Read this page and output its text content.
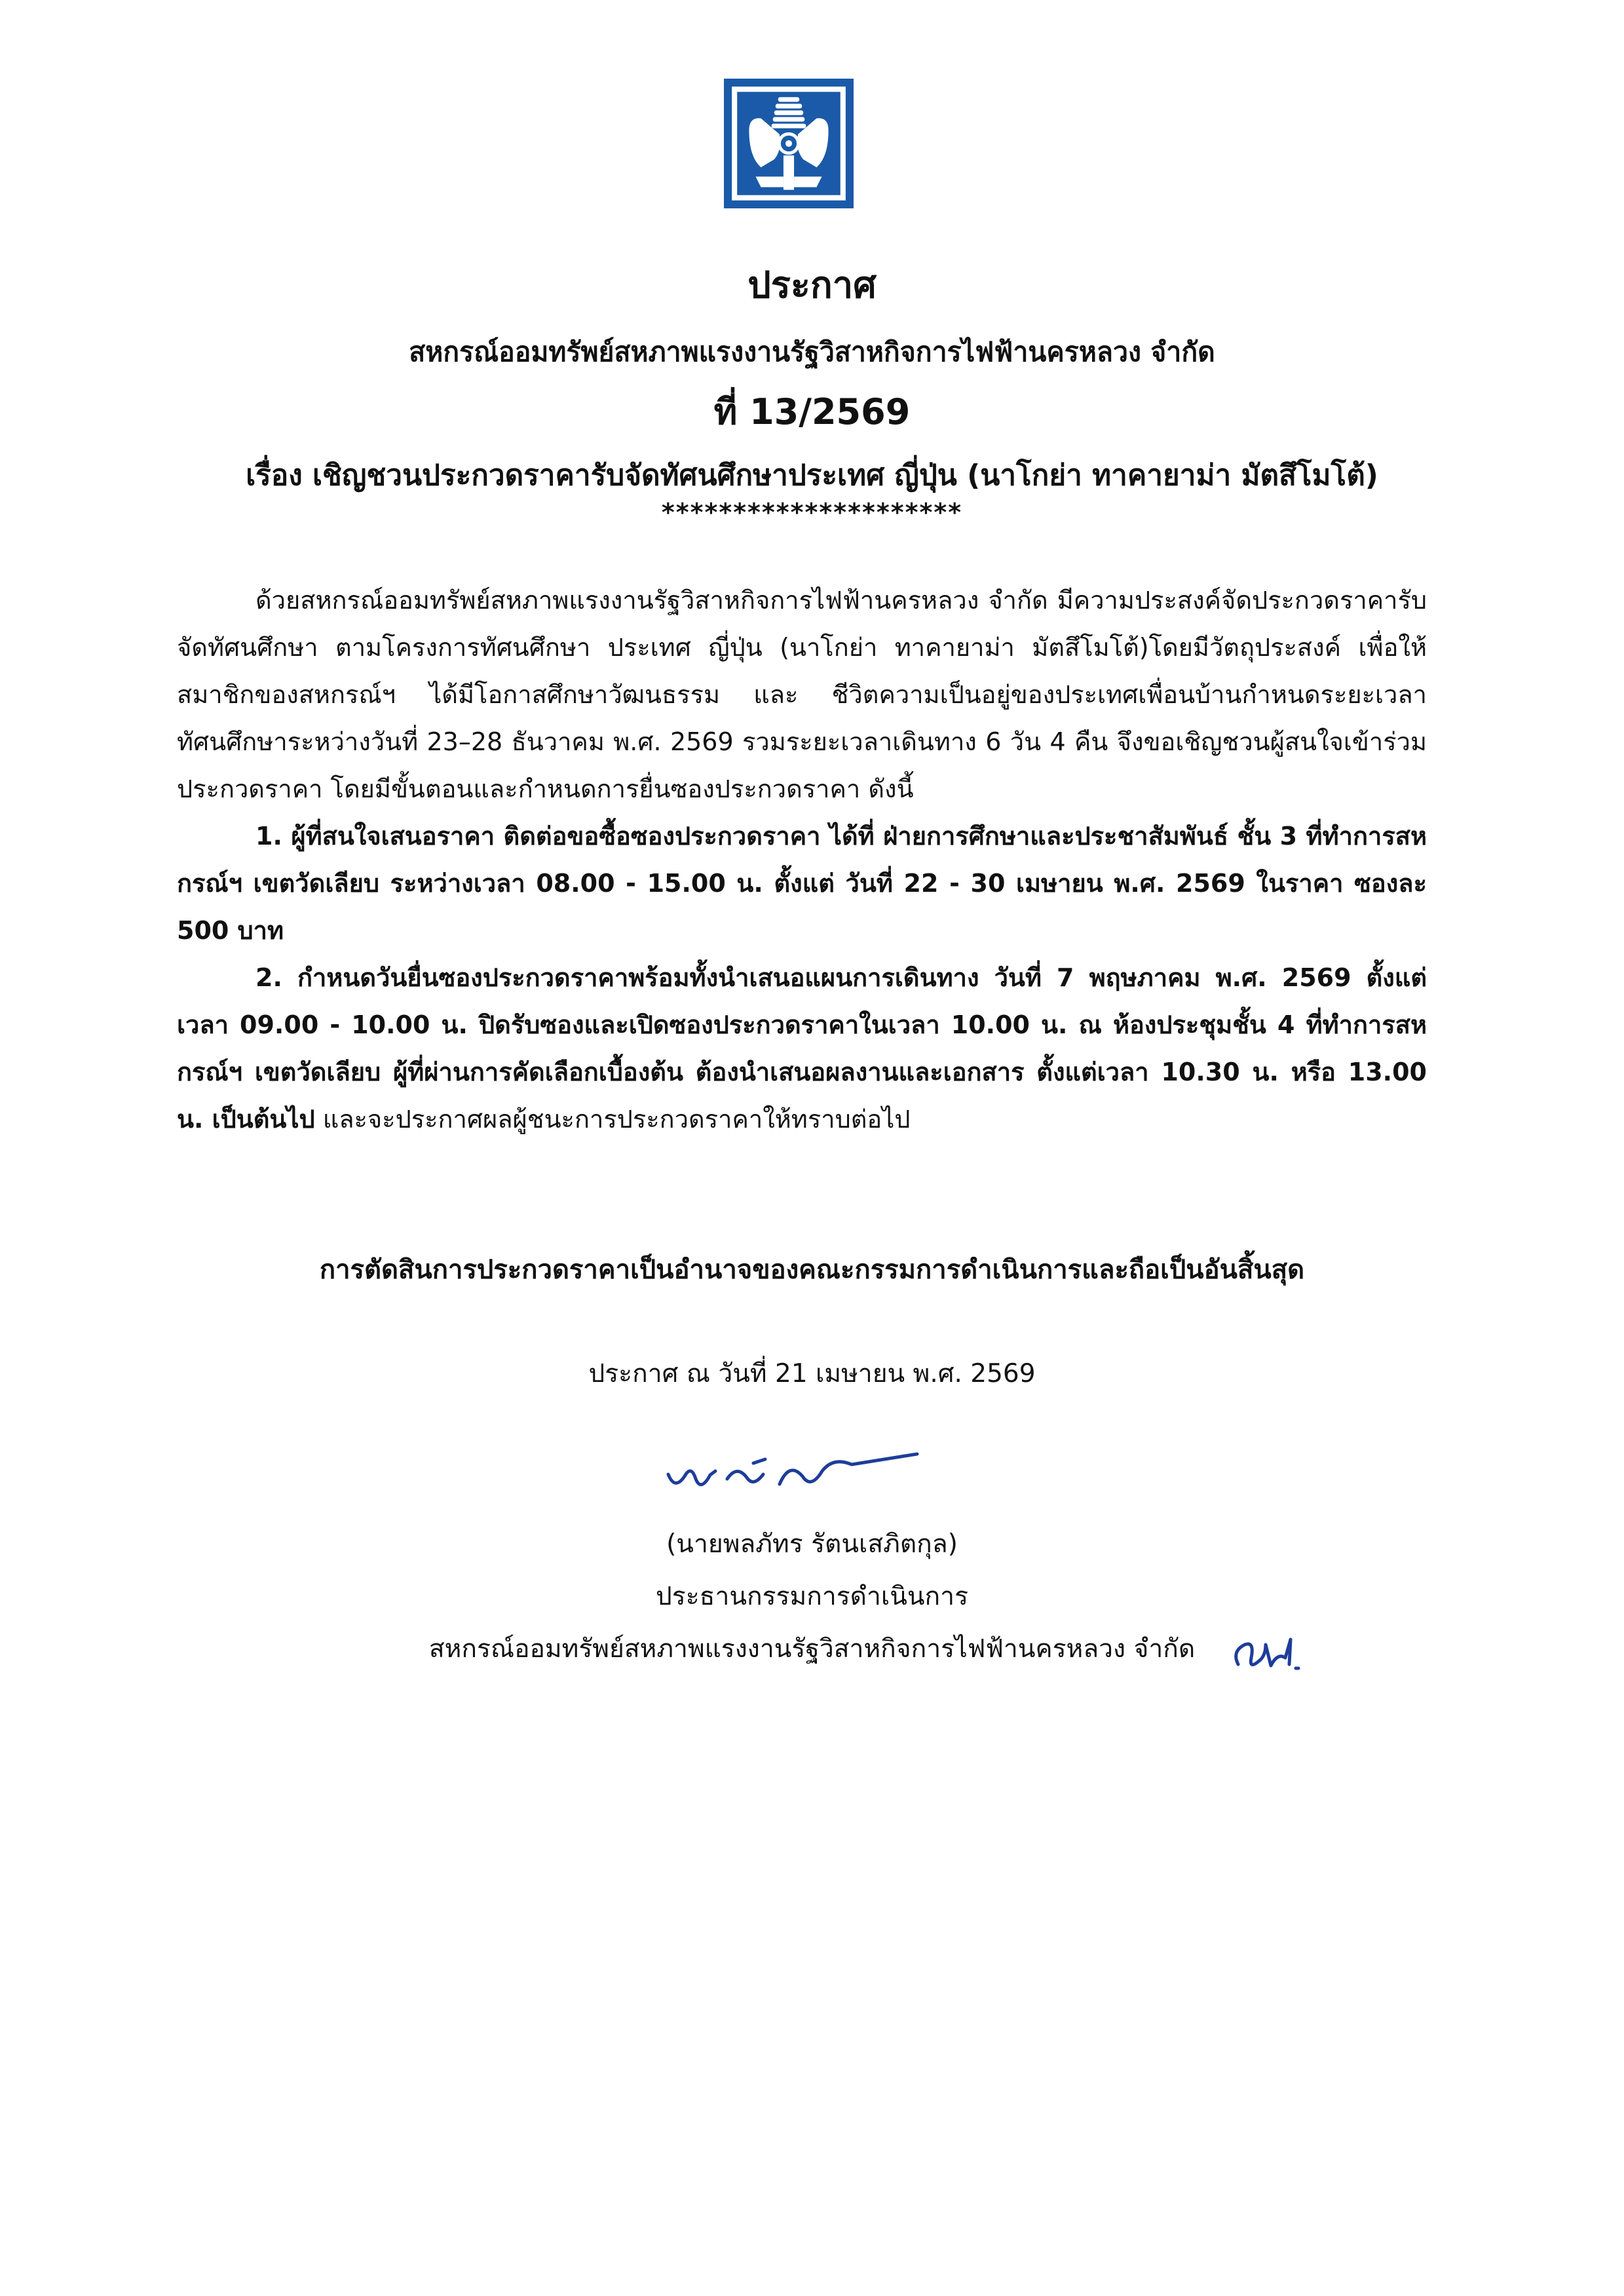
ประกาศ
สหกรณ์ออมทรัพย์สหภาพแรงงานรัฐวิสาหกิจการไฟฟ้านครหลวง จำกัด
ที่ 13/2569
เรื่อง เชิญชวนประกวดราคารับจัดทัศนศึกษาประเทศ ญี่ปุ่น (นาโกย่า ทาคายาม่า มัตสึโมโต้)
*********************

ด้วยสหกรณ์ออมทรัพย์สหภาพแรงงานรัฐวิสาหกิจการไฟฟ้านครหลวง จำกัด มีความประสงค์จัดประกวดราคารับจัดทัศนศึกษา ตามโครงการทัศนศึกษา ประเทศ ญี่ปุ่น (นาโกย่า ทาคายาม่า มัตสึโมโต้)โดยมีวัตถุประสงค์ เพื่อให้สมาชิกของสหกรณ์ฯ ได้มีโอกาสศึกษาวัฒนธรรม และ ชีวิตความเป็นอยู่ของประเทศเพื่อนบ้านกำหนดระยะเวลาทัศนศึกษาระหว่างวันที่ 23–28 ธันวาคม พ.ศ. 2569 รวมระยะเวลาเดินทาง 6 วัน 4 คืน จึงขอเชิญชวนผู้สนใจเข้าร่วมประกวดราคา โดยมีขั้นตอนและกำหนดการยื่นซองประกวดราคา ดังนี้

1. ผู้ที่สนใจเสนอราคา ติดต่อขอซื้อซองประกวดราคา ได้ที่ ฝ่ายการศึกษาและประชาสัมพันธ์ ชั้น 3 ที่ทำการสหกรณ์ฯ เขตวัดเลียบ ระหว่างเวลา 08.00 - 15.00 น. ตั้งแต่ วันที่ 22 - 30 เมษายน พ.ศ. 2569 ในราคา ซองละ 500 บาท

2. กำหนดวันยื่นซองประกวดราคาพร้อมทั้งนำเสนอแผนการเดินทาง วันที่ 7 พฤษภาคม พ.ศ. 2569 ตั้งแต่เวลา 09.00 - 10.00 น. ปิดรับซองและเปิดซองประกวดราคาในเวลา 10.00 น. ณ ห้องประชุมชั้น 4 ที่ทำการสหกรณ์ฯ เขตวัดเลียบ ผู้ที่ผ่านการคัดเลือกเบื้องต้น ต้องนำเสนอผลงานและเอกสาร ตั้งแต่เวลา 10.30 น. หรือ 13.00 น. เป็นต้นไป และจะประกาศผลผู้ชนะการประกวดราคาให้ทราบต่อไป

การตัดสินการประกวดราคาเป็นอำนาจของคณะกรรมการดำเนินการและถือเป็นอันสิ้นสุด
ประกาศ ณ วันที่ 21 เมษายน พ.ศ. 2569
(นายพลภัทร รัตนเสภิตกุล)
ประธานกรรมการดำเนินการ
สหกรณ์ออมทรัพย์สหภาพแรงงานรัฐวิสาหกิจการไฟฟ้านครหลวง จำกัด
